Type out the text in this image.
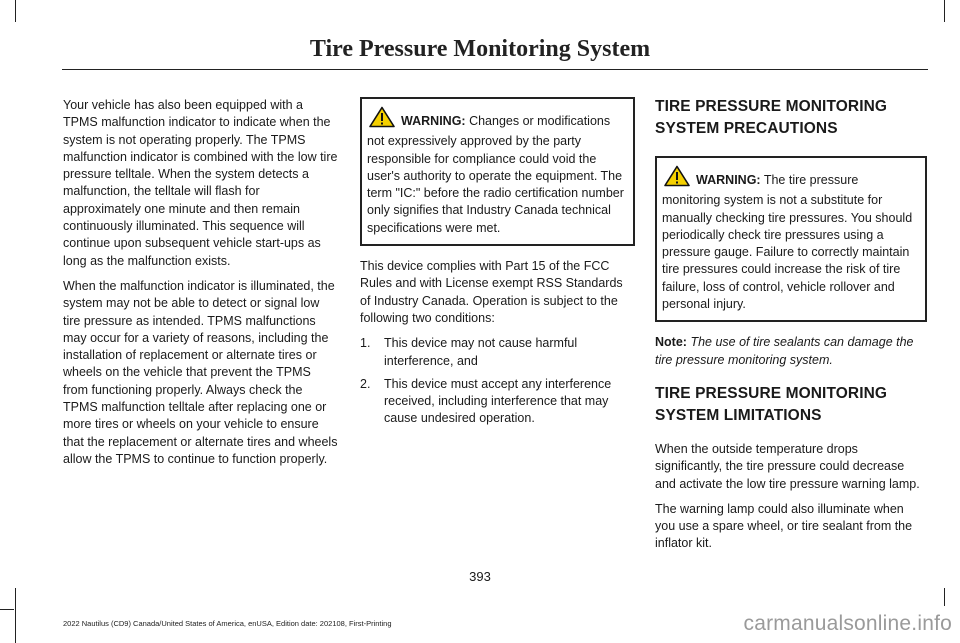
Tire Pressure Monitoring System

Your vehicle has also been equipped with a TPMS malfunction indicator to indicate when the system is not operating properly. The TPMS malfunction indicator is combined with the low tire pressure telltale. When the system detects a malfunction, the telltale will flash for approximately one minute and then remain continuously illuminated. This sequence will continue upon subsequent vehicle start-ups as long as the malfunction exists.

When the malfunction indicator is illuminated, the system may not be able to detect or signal low tire pressure as intended. TPMS malfunctions may occur for a variety of reasons, including the installation of replacement or alternate tires or wheels on the vehicle that prevent the TPMS from functioning properly. Always check the TPMS malfunction telltale after replacing one or more tires or wheels on your vehicle to ensure that the replacement or alternate tires and wheels allow the TPMS to continue to function properly.

WARNING: Changes or modifications not expressively approved by the party responsible for compliance could void the user's authority to operate the equipment. The term "IC:" before the radio certification number only signifies that Industry Canada technical specifications were met.

This device complies with Part 15 of the FCC Rules and with License exempt RSS Standards of Industry Canada. Operation is subject to the following two conditions:

1. This device may not cause harmful interference, and
2. This device must accept any interference received, including interference that may cause undesired operation.
TIRE PRESSURE MONITORING SYSTEM PRECAUTIONS
WARNING: The tire pressure monitoring system is not a substitute for manually checking tire pressures. You should periodically check tire pressures using a pressure gauge. Failure to correctly maintain tire pressures could increase the risk of tire failure, loss of control, vehicle rollover and personal injury.

Note: The use of tire sealants can damage the tire pressure monitoring system.

TIRE PRESSURE MONITORING SYSTEM LIMITATIONS

When the outside temperature drops significantly, the tire pressure could decrease and activate the low tire pressure warning lamp.

The warning lamp could also illuminate when you use a spare wheel, or tire sealant from the inflator kit.

393
2022 Nautilus (CD9) Canada/United States of America, enUSA, Edition date: 202108, First-Printing	carmanualsonline.info
